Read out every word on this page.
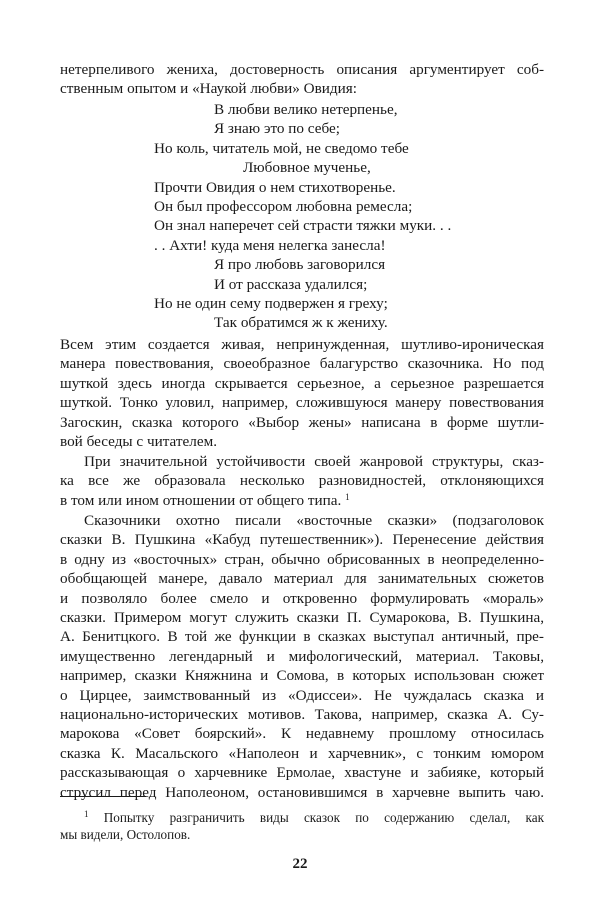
нетерпеливого жениха, достоверность описания аргументирует соб-
ственным опытом и «Наукой любви» Овидия:
В любви велико нетерпенье,
Я знаю это по себе;
Но коль, читатель мой, не сведомо тебе
Любовное мученье,
Прочти Овидия о нем стихотворенье.
Он был профессором любовна ремесла;
Он знал наперечет сей страсти тяжки муки. . .
. . Ахти! куда меня нелегка занесла!
Я про любовь заговорился
И от рассказа удалился;
Но не один сему подвержен я греху;
Так обратимся ж к жениху.
Всем этим создается живая, непринужденная, шутливо-ироническая
манера повествования, своеобразное балагурство сказочника. Но под
шуткой здесь иногда скрывается серьезное, а серьезное разрешается
шуткой. Тонко уловил, например, сложившуюся манеру повествования
Загоскин, сказка которого «Выбор жены» написана в форме шутли-
вой беседы с читателем.
При значительной устойчивости своей жанровой структуры, сказ-
ка все же образовала несколько разновидностей, отклоняющихся
в том или ином отношении от общего типа. $^1$
Сказочники охотно писали «восточные сказки» (подзаголовок
сказки В. Пушкина «Кабуд путешественник»). Перенесение действия
в одну из «восточных» стран, обычно обрисованных в неопределенно-
обобщающей манере, давало материал для занимательных сюжетов
и позволяло более смело и откровенно формулировать «мораль»
сказки. Примером могут служить сказки П. Сумарокова, В. Пушкина,
А. Бенитцкого. В той же функции в сказках выступал античный, пре-
имущественно легендарный и мифологический, материал. Таковы,
например, сказки Княжнина и Сомова, в которых использован сюжет
о Цирцее, заимствованный из «Одиссеи». Не чуждалась сказка и
национально-исторических мотивов. Такова, например, сказка А. Су-
марокова «Совет боярский». К недавнему прошлому относилась
сказка К. Масальского «Наполеон и харчевник», с тонким юмором
рассказывающая о харчевнике Ермолае, хвастуне и забияке, который
струсил перед Наполеоном, остановившимся в харчевне выпить чаю.
$^1$ Попытку разграничить виды сказок по содержанию сделал, как
мы видели, Остолопов.
22
